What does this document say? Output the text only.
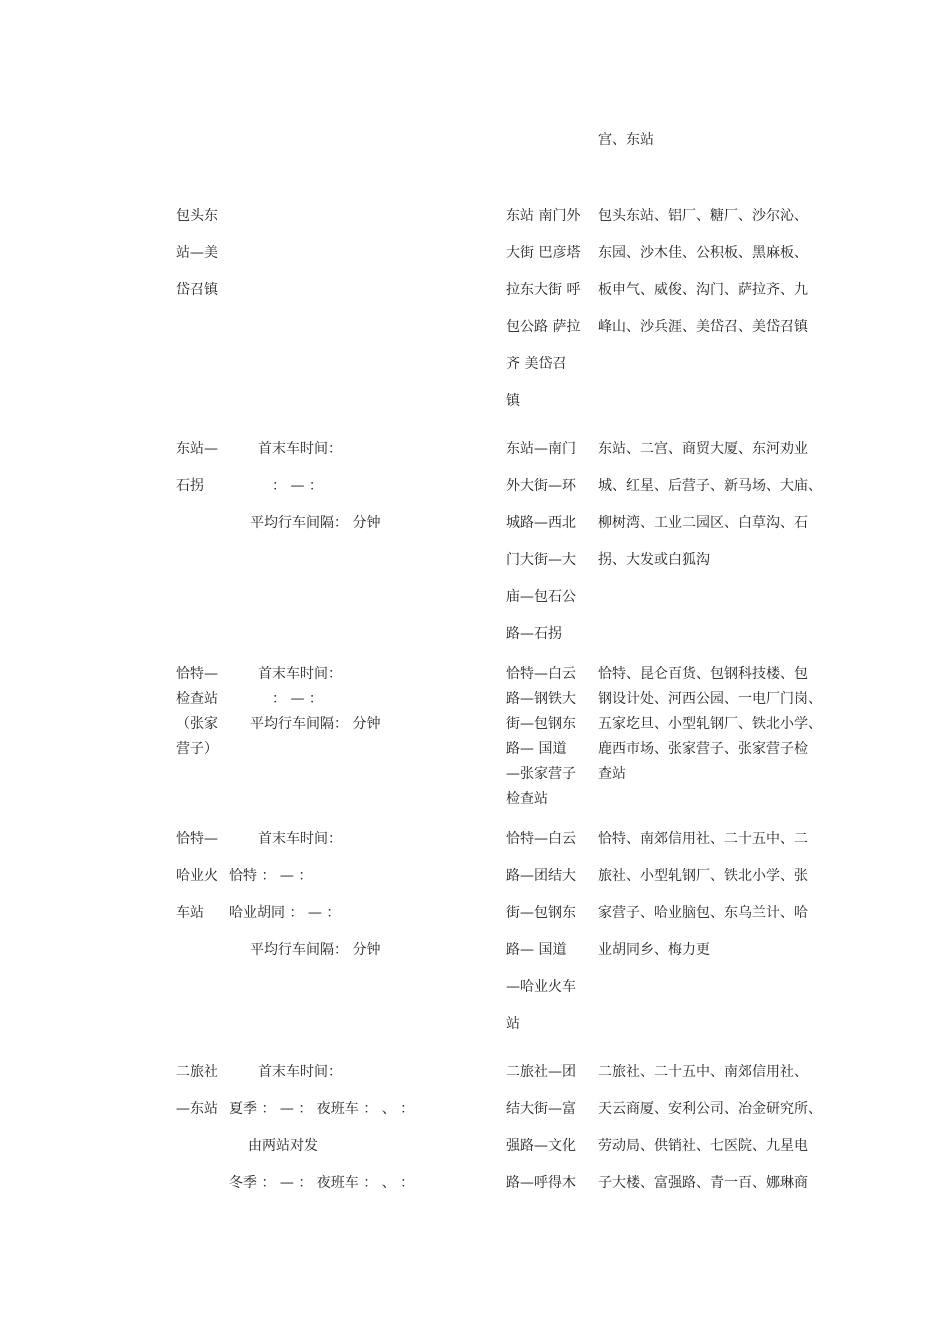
宫、东站
包头东
站—美
岱召镇
东站 南门外
大街 巴彦塔
拉东大街 呼
包公路 萨拉
齐 美岱召
镇
包头东站、铝厂、糖厂、沙尔沁、
东园、沙木佳、公积板、黑麻板、
板申气、威俊、沟门、萨拉齐、九
峰山、沙兵涯、美岱召、美岱召镇
东站—
石拐
首末车时间：
： — ：
平均行车间隔： 分钟
东站—南门
外大街—环
城路—西北
门大街—大
庙—包石公
路—石拐
东站、二宫、商贸大厦、东河劝业
城、红星、后营子、新马场、大庙、
柳树湾、工业二园区、白草沟、石
拐、大发或白狐沟
恰特—
检查站
（张家
营子）
首末车时间：
： — ：
平均行车间隔： 分钟
恰特—白云
路—钢铁大
街—包钢东
路— 国道
—张家营子
检查站
恰特、昆仑百货、包钢科技楼、包
钢设计处、河西公园、一电厂门岗、
五家圪旦、小型轧钢厂、铁北小学、
鹿西市场、张家营子、张家营子检
查站
恰特—
哈业火
车站
首末车时间：
恰特 ： — ：
哈业胡同 ： — ：
平均行车间隔： 分钟
恰特—白云
路—团结大
街—包钢东
路— 国道
—哈业火车
站
恰特、南郊信用社、二十五中、二
旅社、小型轧钢厂、铁北小学、张
家营子、哈业脑包、东乌兰计、哈
业胡同乡、梅力更
二旅社
—东站
首末车时间：
夏季 ： — ： 夜班车 ： 、 ：
由两站对发
冬季 ： — ： 夜班车 ： 、 ：
二旅社—团
结大街—富
强路—文化
路—呼得木
二旅社、二十五中、南郊信用社、
天云商厦、安利公司、冶金研究所、
劳动局、供销社、七医院、九星电
子大楼、富强路、青一百、娜琳商
